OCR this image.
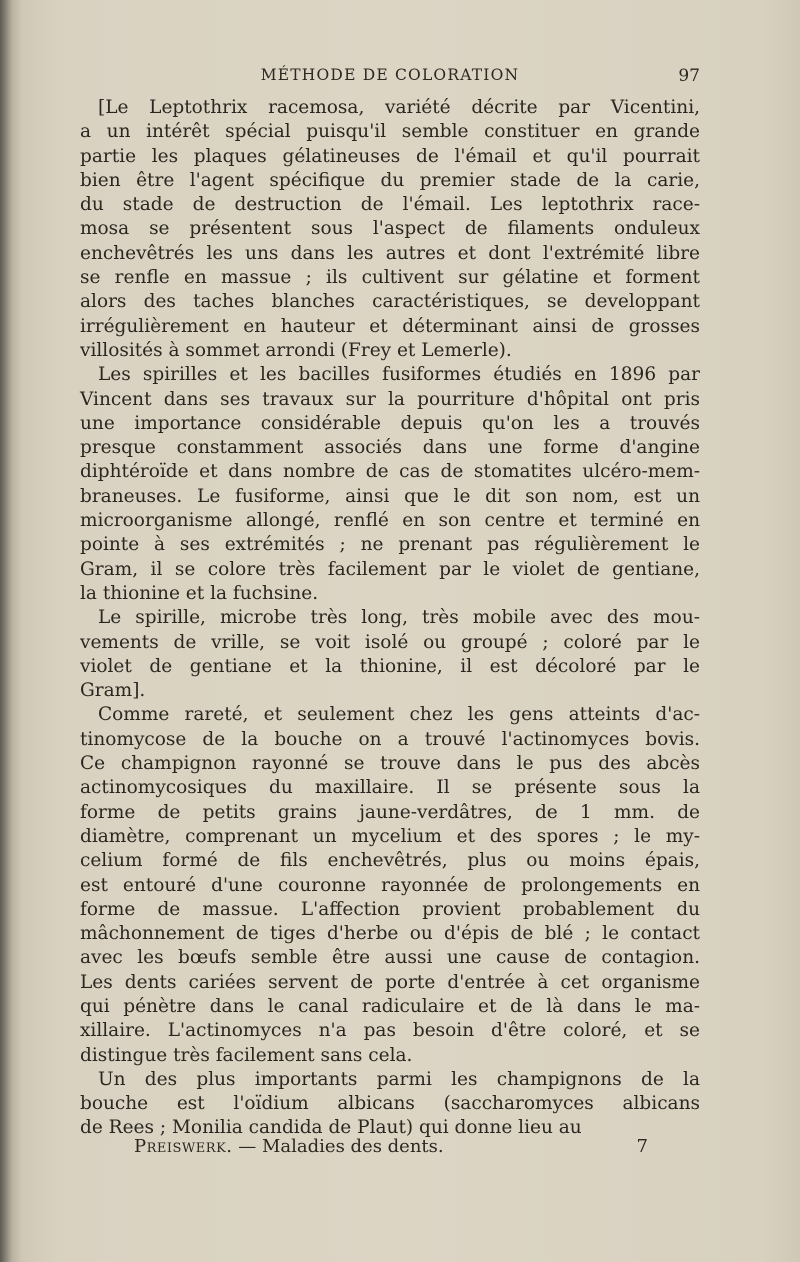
MÉTHODE DE COLORATION	97
[Le Leptothrix racemosa, variété décrite par Vicentini,
a un intérêt spécial puisqu'il semble constituer en grande
partie les plaques gélatineuses de l'émail et qu'il pourrait
bien être l'agent spécifique du premier stade de la carie,
du stade de destruction de l'émail. Les leptothrix race-
mosa se présentent sous l'aspect de filaments onduleux
enchevêtrés les uns dans les autres et dont l'extrémité libre
se renfle en massue ; ils cultivent sur gélatine et forment
alors des taches blanches caractéristiques, se developpant
irrégulièrement en hauteur et déterminant ainsi de grosses
villosités à sommet arrondi (Frey et Lemerle).
Les spirilles et les bacilles fusiformes étudiés en 1896 par
Vincent dans ses travaux sur la pourriture d'hôpital ont pris
une importance considérable depuis qu'on les a trouvés
presque constamment associés dans une forme d'angine
diphtéroïde et dans nombre de cas de stomatites ulcéro-mem-
braneuses. Le fusiforme, ainsi que le dit son nom, est un
microorganisme allongé, renflé en son centre et terminé en
pointe à ses extrémités ; ne prenant pas régulièrement le
Gram, il se colore très facilement par le violet de gentiane,
la thionine et la fuchsine.
Le spirille, microbe très long, très mobile avec des mou-
vements de vrille, se voit isolé ou groupé ; coloré par le
violet de gentiane et la thionine, il est décoloré par le
Gram].
Comme rareté, et seulement chez les gens atteints d'ac-
tinomycose de la bouche on a trouvé l'actinomyces bovis.
Ce champignon rayonné se trouve dans le pus des abcès
actinomycosiques du maxillaire. Il se présente sous la
forme de petits grains jaune-verdâtres, de 1 mm. de
diamètre, comprenant un mycelium et des spores ; le my-
celium formé de fils enchevêtrés, plus ou moins épais,
est entouré d'une couronne rayonnée de prolongements en
forme de massue. L'affection provient probablement du
mâchonnement de tiges d'herbe ou d'épis de blé ; le contact
avec les bœufs semble être aussi une cause de contagion.
Les dents cariées servent de porte d'entrée à cet organisme
qui pénètre dans le canal radiculaire et de là dans le ma-
xillaire. L'actinomyces n'a pas besoin d'être coloré, et se
distingue très facilement sans cela.
Un des plus importants parmi les champignons de la
bouche est l'oïdium albicans (saccharomyces albicans
de Rees ; Monilia candida de Plaut) qui donne lieu au
Preiswerk. — Maladies des dents.	7
